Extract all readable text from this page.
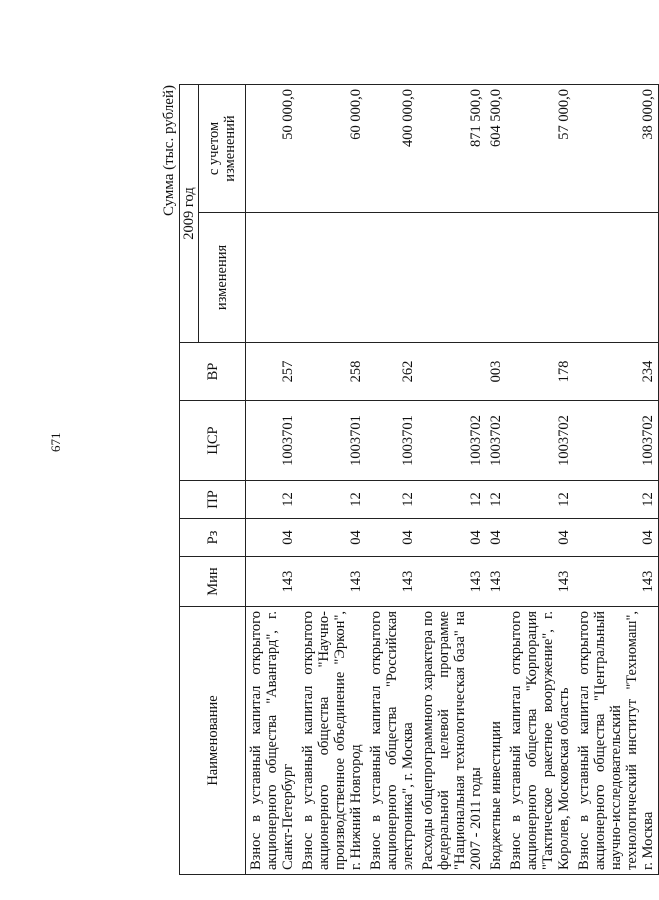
671
Сумма (тыс. рублей)
Наименование	Мин	Рз	ПР	ЦСР	ВР	2009 год	
						изменения	с учетом изменений
Взнос в уставный капитал открытого акционерного общества "Авангард", г. Санкт-Петербург	143	04	12	1003701	257		50 000,0
Взнос в уставный капитал открытого акционерного общества "Научно-производственное объединение "Эркон", г. Нижний Новгород	143	04	12	1003701	258		60 000,0
Взнос в уставный капитал открытого акционерного общества "Российская электроника", г. Москва	143	04	12	1003701	262		400 000,0
Расходы общепрограммного характера по федеральной целевой программе "Национальная технологическая база" на 2007 - 2011 годы	143	04	12	1003702			871 500,0
Бюджетные инвестиции	143	04	12	1003702	003		604 500,0
Взнос в уставный капитал открытого акционерного общества "Корпорация "Тактическое ракетное вооружение", г. Королев, Московская область	143	04	12	1003702	178		57 000,0
Взнос в уставный капитал открытого акционерного общества "Центральный научно-исследовательский технологический институт "Техномаш", г. Москва	143	04	12	1003702	234		38 000,0
